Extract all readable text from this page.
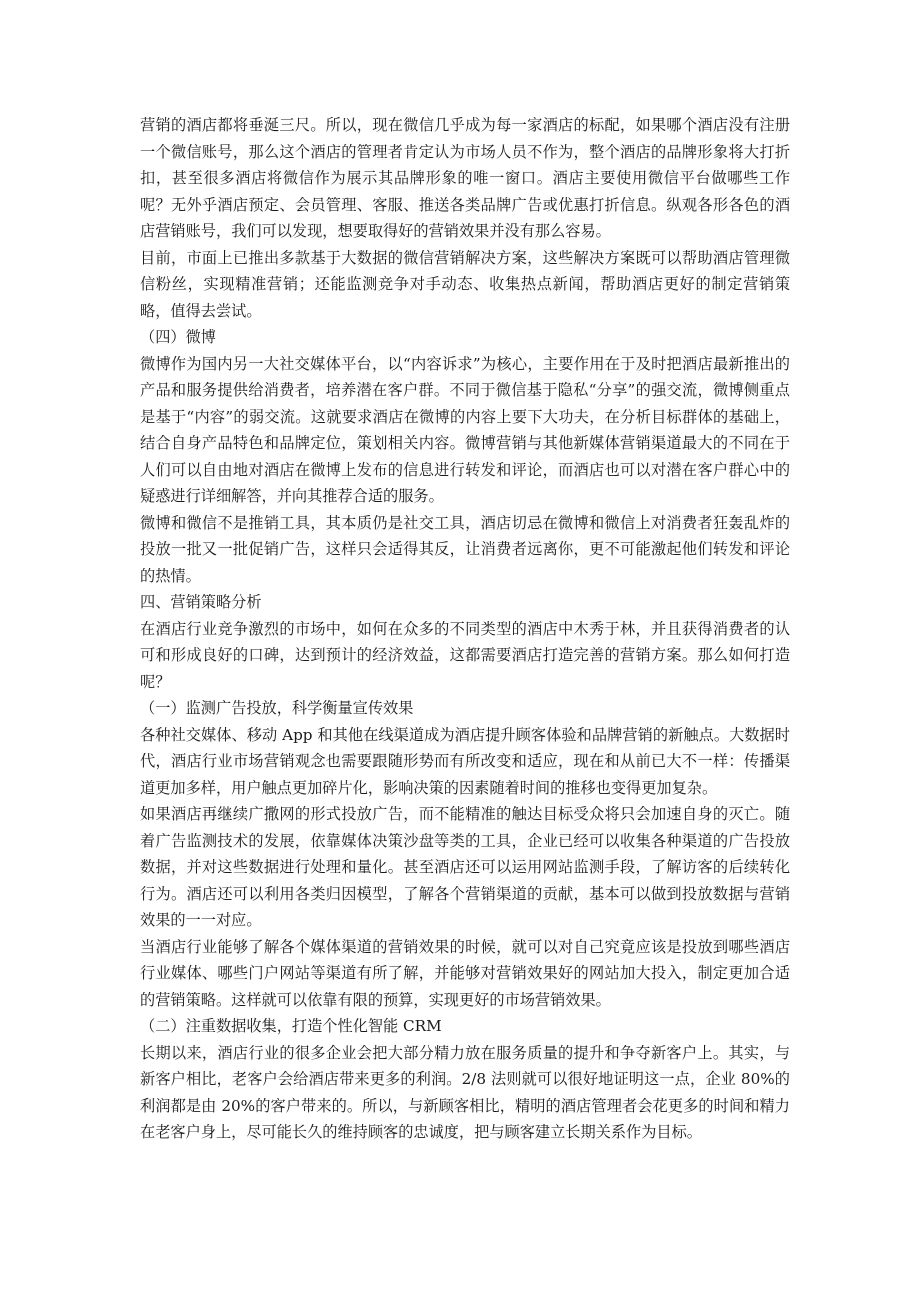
营销的酒店都将垂涎三尺。所以，现在微信几乎成为每一家酒店的标配，如果哪个酒店没有注册一个微信账号，那么这个酒店的管理者肯定认为市场人员不作为，整个酒店的品牌形象将大打折扣，甚至很多酒店将微信作为展示其品牌形象的唯一窗口。酒店主要使用微信平台做哪些工作呢？无外乎酒店预定、会员管理、客服、推送各类品牌广告或优惠打折信息。纵观各形各色的酒店营销账号，我们可以发现，想要取得好的营销效果并没有那么容易。

目前，市面上已推出多款基于大数据的微信营销解决方案，这些解决方案既可以帮助酒店管理微信粉丝，实现精准营销；还能监测竞争对手动态、收集热点新闻，帮助酒店更好的制定营销策略，值得去尝试。

（四）微博

微博作为国内另一大社交媒体平台，以“内容诉求”为核心，主要作用在于及时把酒店最新推出的产品和服务提供给消费者，培养潜在客户群。不同于微信基于隐私“分享”的强交流，微博侧重点是基于“内容”的弱交流。这就要求酒店在微博的内容上要下大功夫，在分析目标群体的基础上，结合自身产品特色和品牌定位，策划相关内容。微博营销与其他新媒体营销渠道最大的不同在于人们可以自由地对酒店在微博上发布的信息进行转发和评论，而酒店也可以对潜在客户群心中的疑惑进行详细解答，并向其推荐合适的服务。

微博和微信不是推销工具，其本质仍是社交工具，酒店切忌在微博和微信上对消费者狂轰乱炸的投放一批又一批促销广告，这样只会适得其反，让消费者远离你，更不可能激起他们转发和评论的热情。

四、营销策略分析

在酒店行业竞争激烈的市场中，如何在众多的不同类型的酒店中木秀于林，并且获得消费者的认可和形成良好的口碑，达到预计的经济效益，这都需要酒店打造完善的营销方案。那么如何打造呢？

（一）监测广告投放，科学衡量宣传效果

各种社交媒体、移动 App 和其他在线渠道成为酒店提升顾客体验和品牌营销的新触点。大数据时代，酒店行业市场营销观念也需要跟随形势而有所改变和适应，现在和从前已大不一样：传播渠道更加多样，用户触点更加碎片化，影响决策的因素随着时间的推移也变得更加复杂。

如果酒店再继续广撒网的形式投放广告，而不能精准的触达目标受众将只会加速自身的灭亡。随着广告监测技术的发展，依靠媒体决策沙盘等类的工具，企业已经可以收集各种渠道的广告投放数据，并对这些数据进行处理和量化。甚至酒店还可以运用网站监测手段，了解访客的后续转化行为。酒店还可以利用各类归因模型，了解各个营销渠道的贡献，基本可以做到投放数据与营销效果的一一对应。

当酒店行业能够了解各个媒体渠道的营销效果的时候，就可以对自己究竟应该是投放到哪些酒店行业媒体、哪些门户网站等渠道有所了解，并能够对营销效果好的网站加大投入，制定更加合适的营销策略。这样就可以依靠有限的预算，实现更好的市场营销效果。

（二）注重数据收集，打造个性化智能 CRM

长期以来，酒店行业的很多企业会把大部分精力放在服务质量的提升和争夺新客户上。其实，与新客户相比，老客户会给酒店带来更多的利润。2/8 法则就可以很好地证明这一点，企业 80%的利润都是由 20%的客户带来的。所以，与新顾客相比，精明的酒店管理者会花更多的时间和精力在老客户身上，尽可能长久的维持顾客的忠诚度，把与顾客建立长期关系作为目标。
